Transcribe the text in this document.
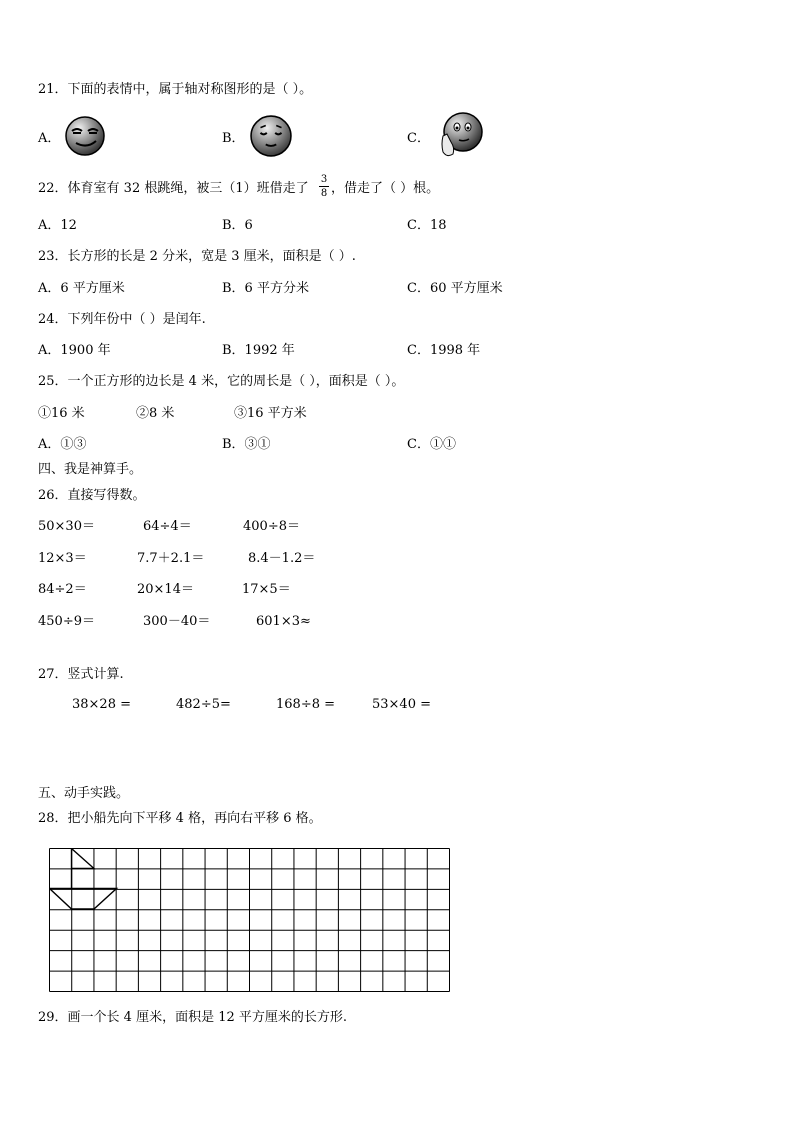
21．下面的表情中，属于轴对称图形的是（ ）。
A．	B．	C．
22．体育室有 32 根跳绳，被三（1）班借走了
3
8 ，借走了（ ）根。
A．12	B．6	C．18
23．长方形的长是 2 分米，宽是 3 厘米，面积是（ ）.
A．6 平方厘米	B．6 平方分米	C．60 平方厘米
24．下列年份中（ ）是闰年.
A．1900 年	B．1992 年	C．1998 年
25．一个正方形的边长是 4 米，它的周长是（ ），面积是（ ）。
①16 米	②8 米	③16 平方米
A．①③	B．③①	C．①①
四、我是神算手。
26．直接写得数。
50×30＝	64÷4＝	400÷8＝
12×3＝	7.7＋2.1＝	8.4－1.2＝
84÷2＝	20×14＝	17×5＝
450÷9＝	300－40＝	601×3≈
27．竖式计算.
38×28 =	482÷5=	168÷8 =	53×40 =
五、动手实践。
28．把小船先向下平移 4 格，再向右平移 6 格。
29．画一个长 4 厘米，面积是 12 平方厘米的长方形.
